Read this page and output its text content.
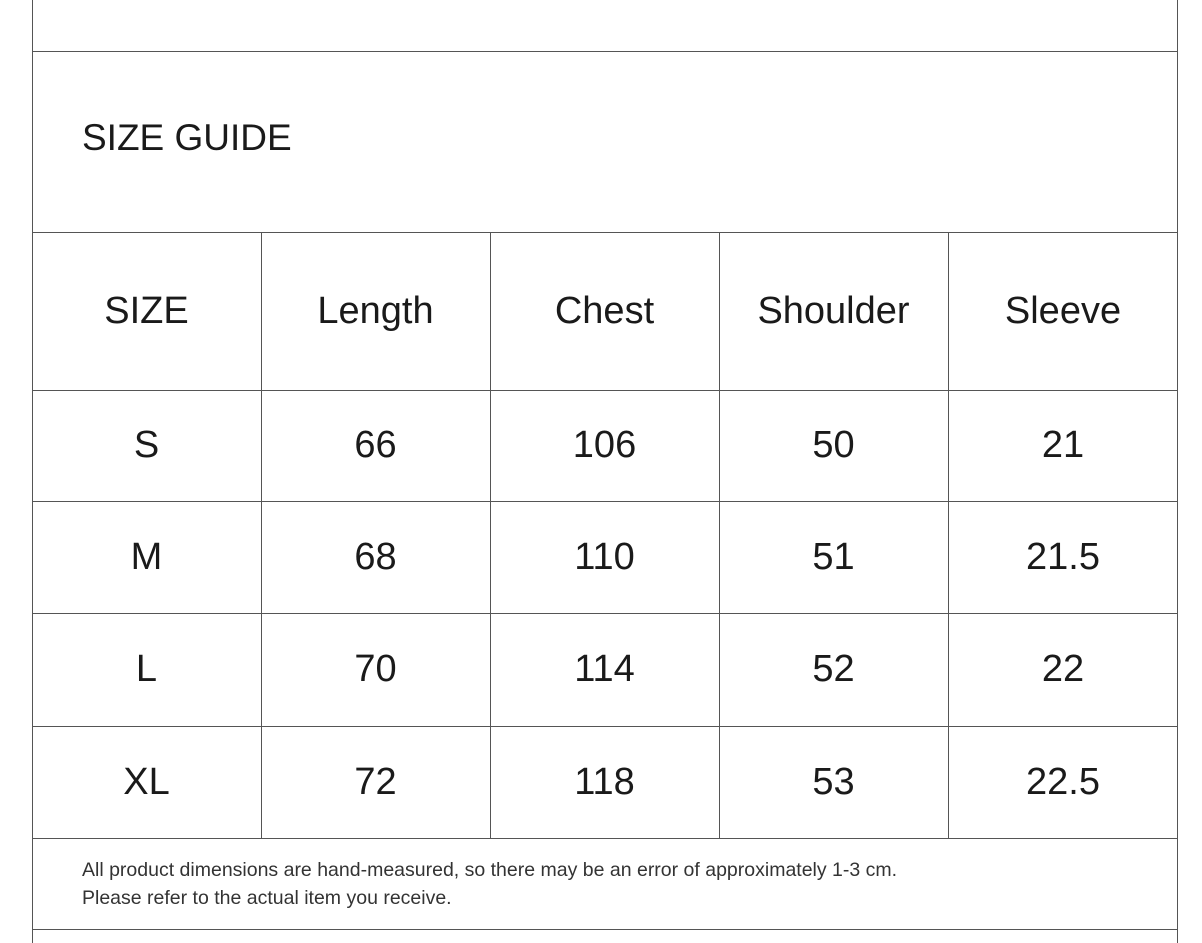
SIZE GUIDE
SIZE	Length	Chest	Shoulder	Sleeve
S	66	106	50	21
M	68	110	51	21.5
L	70	114	52	22
XL	72	118	53	22.5
All product dimensions are hand-measured, so there may be an error of approximately 1-3 cm.
Please refer to the actual item you receive.
